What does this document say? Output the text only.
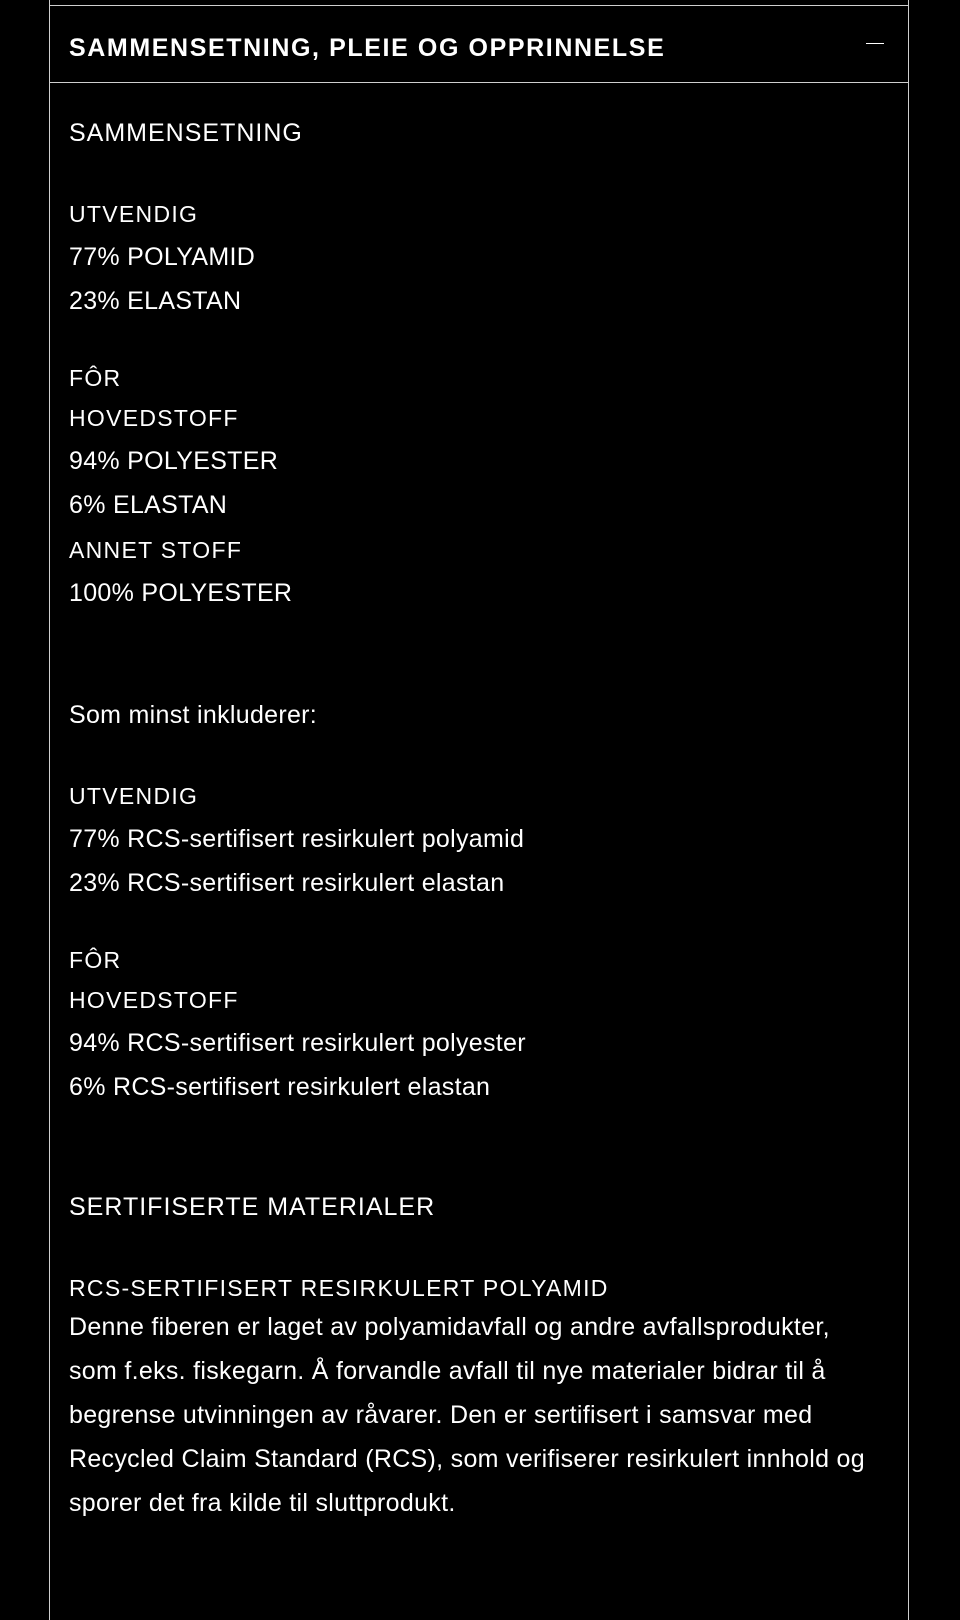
SAMMENSETNING, PLEIE OG OPPRINNELSE
SAMMENSETNING
UTVENDIG
77% POLYAMID
23% ELASTAN
FÔR
HOVEDSTOFF
94% POLYESTER
6% ELASTAN
ANNET STOFF
100% POLYESTER
Som minst inkluderer:
UTVENDIG
77% RCS-sertifisert resirkulert polyamid
23% RCS-sertifisert resirkulert elastan
FÔR
HOVEDSTOFF
94% RCS-sertifisert resirkulert polyester
6% RCS-sertifisert resirkulert elastan
SERTIFISERTE MATERIALER
RCS-SERTIFISERT RESIRKULERT POLYAMID
Denne fiberen er laget av polyamidavfall og andre avfallsprodukter, som f.eks. fiskegarn. Å forvandle avfall til nye materialer bidrar til å begrense utvinningen av råvarer. Den er sertifisert i samsvar med Recycled Claim Standard (RCS), som verifiserer resirkulert innhold og sporer det fra kilde til sluttprodukt.
